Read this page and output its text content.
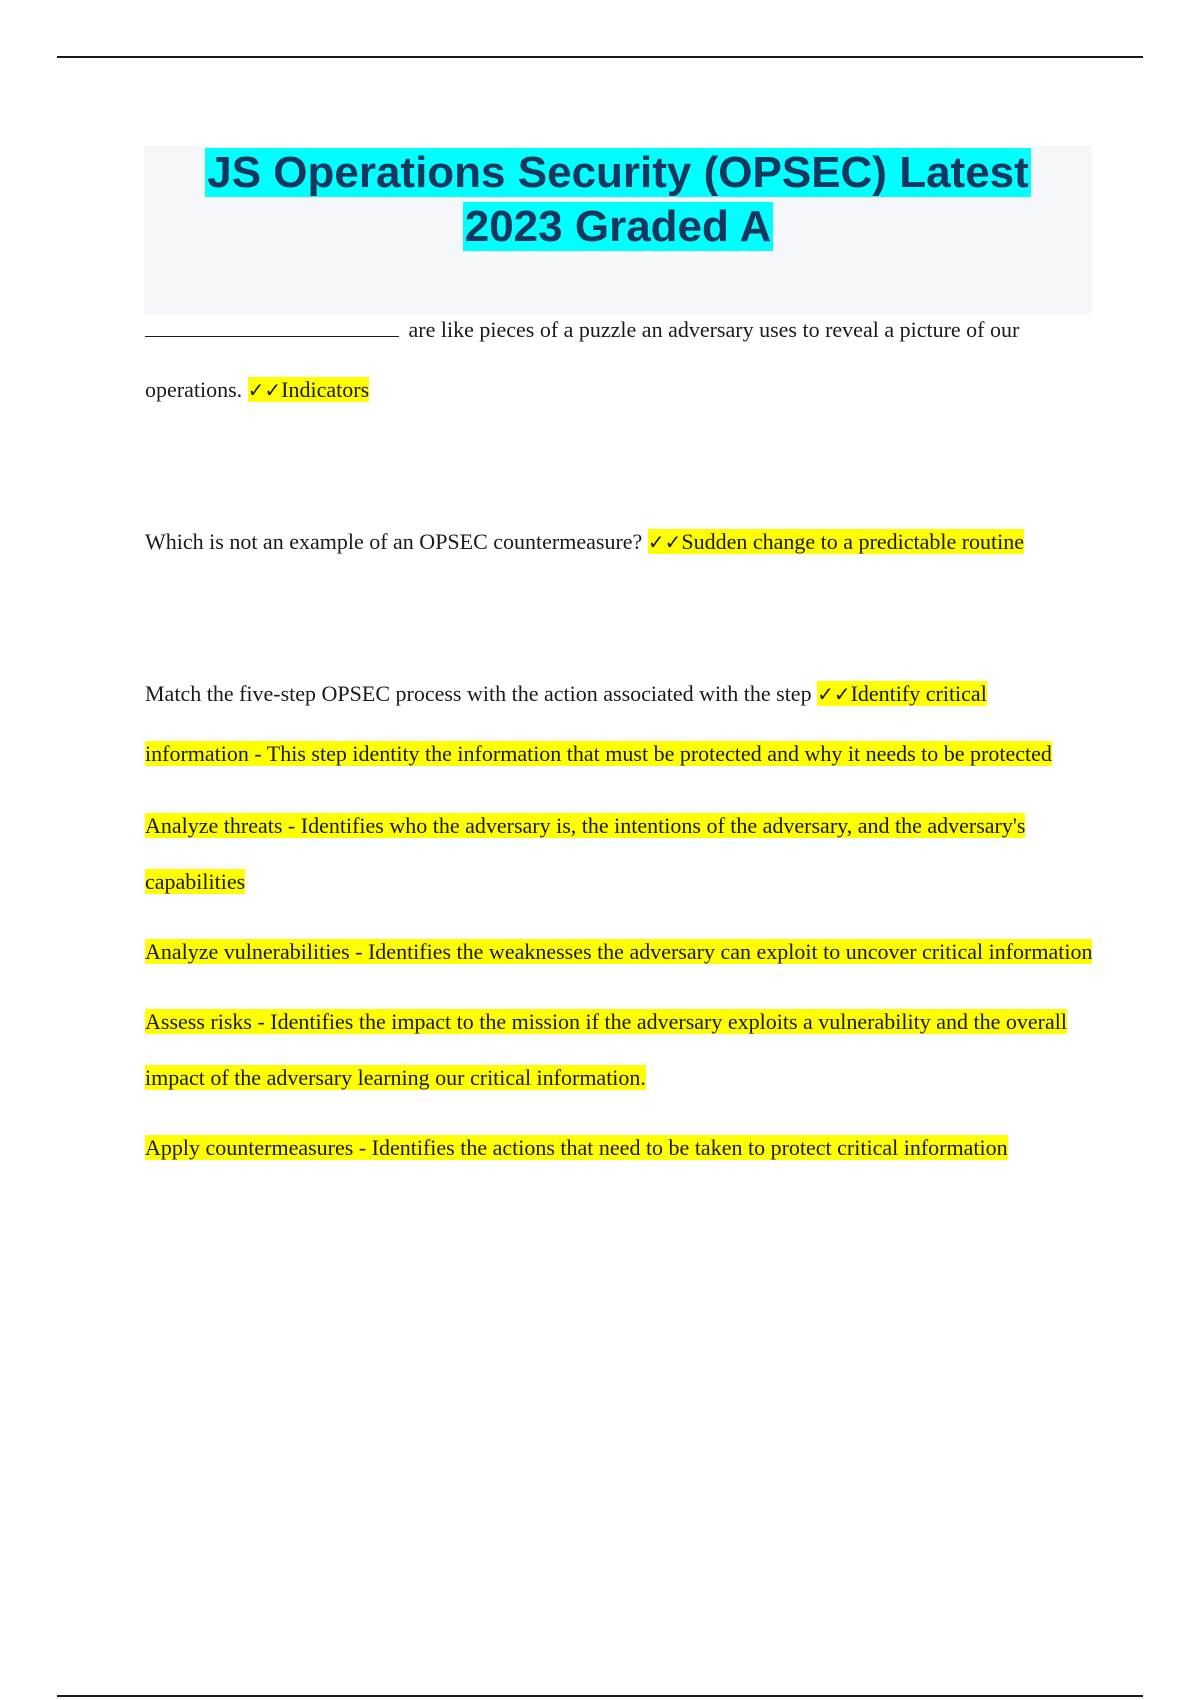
JS Operations Security (OPSEC) Latest
2023 Graded A

are like pieces of a puzzle an adversary uses to reveal a picture of our operations. ✓✓Indicators

Which is not an example of an OPSEC countermeasure? ✓✓Sudden change to a predictable routine

Match the five-step OPSEC process with the action associated with the step ✓✓Identify critical information - This step identity the information that must be protected and why it needs to be protected

Analyze threats - Identifies who the adversary is, the intentions of the adversary, and the adversary's capabilities

Analyze vulnerabilities - Identifies the weaknesses the adversary can exploit to uncover critical information

Assess risks - Identifies the impact to the mission if the adversary exploits a vulnerability and the overall impact of the adversary learning our critical information.

Apply countermeasures - Identifies the actions that need to be taken to protect critical information
